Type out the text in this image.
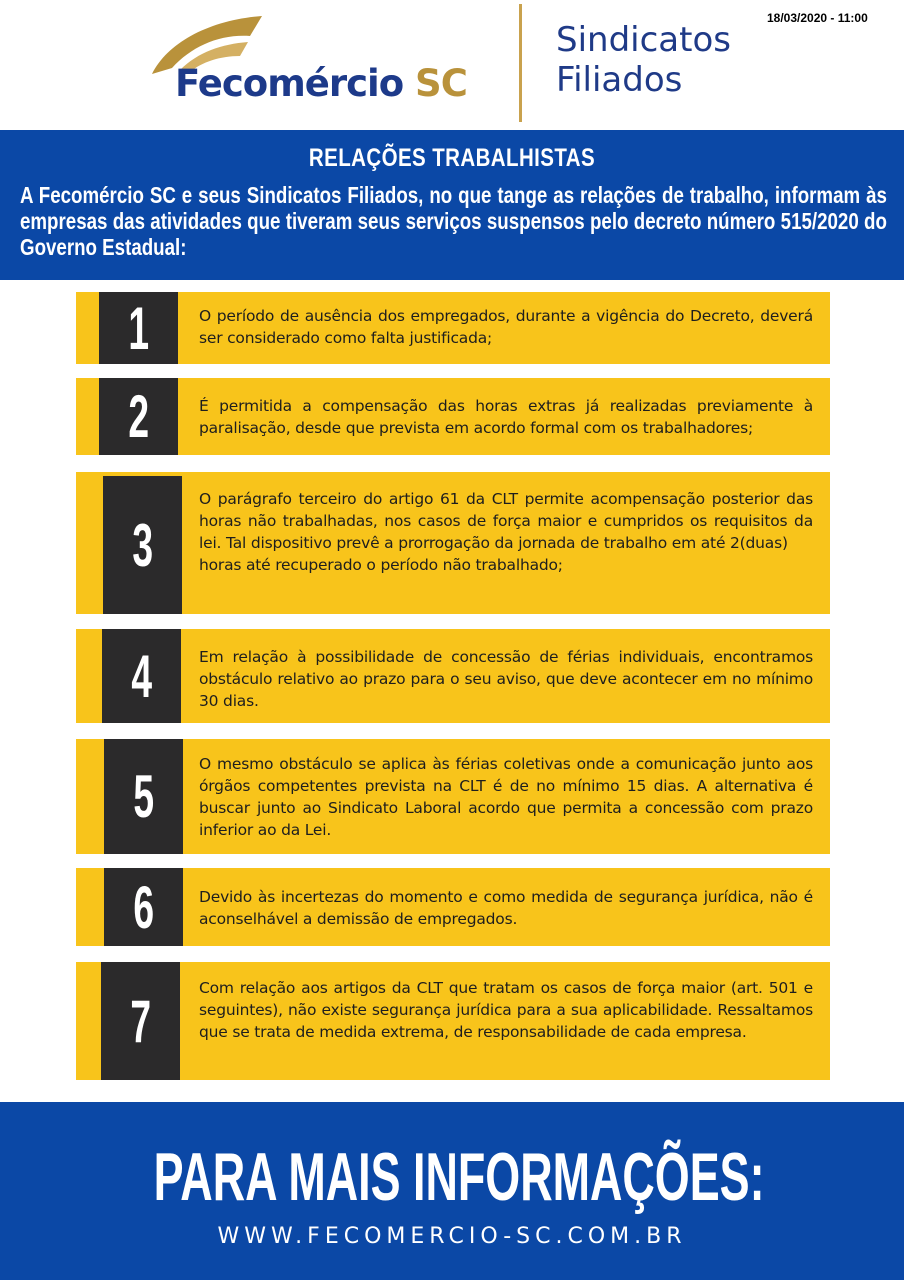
Fecomércio SC
Sindicatos
Filiados
18/03/2020 - 11:00
RELAÇÕES TRABALHISTAS
A Fecomércio SC e seus Sindicatos Filiados, no que tange as relações de trabalho, informam às empresas das atividades que tiveram seus serviços suspensos pelo decreto número 515/2020 do Governo Estadual:
1	O período de ausência dos empregados, durante a vigência do Decreto, deverá ser considerado como falta justificada;
2	É permitida a compensação das horas extras já realizadas previamente à paralisação, desde que prevista em acordo formal com os trabalhadores;
3
O parágrafo terceiro do artigo 61 da CLT permite acompensação posterior das horas não trabalhadas, nos casos de força maior e cumpridos os requisitos da lei. Tal dispositivo prevê a prorrogação da jornada de trabalho em até 2(duas)
horas até recuperado o período não trabalhado;
4	Em relação à possibilidade de concessão de férias individuais, encontramos obstáculo relativo ao prazo para o seu aviso, que deve acontecer em no mínimo 30 dias.
5	O mesmo obstáculo se aplica às férias coletivas onde a comunicação junto aos órgãos competentes prevista na CLT é de no mínimo 15 dias. A alternativa é buscar junto ao Sindicato Laboral acordo que permita a concessão com prazo inferior ao da Lei.
6	Devido às incertezas do momento e como medida de segurança jurídica, não é aconselhável a demissão de empregados.
7	Com relação aos artigos da CLT que tratam os casos de força maior (art. 501 e seguintes), não existe segurança jurídica para a sua aplicabilidade. Ressaltamos que se trata de medida extrema, de responsabilidade de cada empresa.
PARA MAIS INFORMAÇÕES:
WWW.FECOMERCIO-SC.COM.BR
